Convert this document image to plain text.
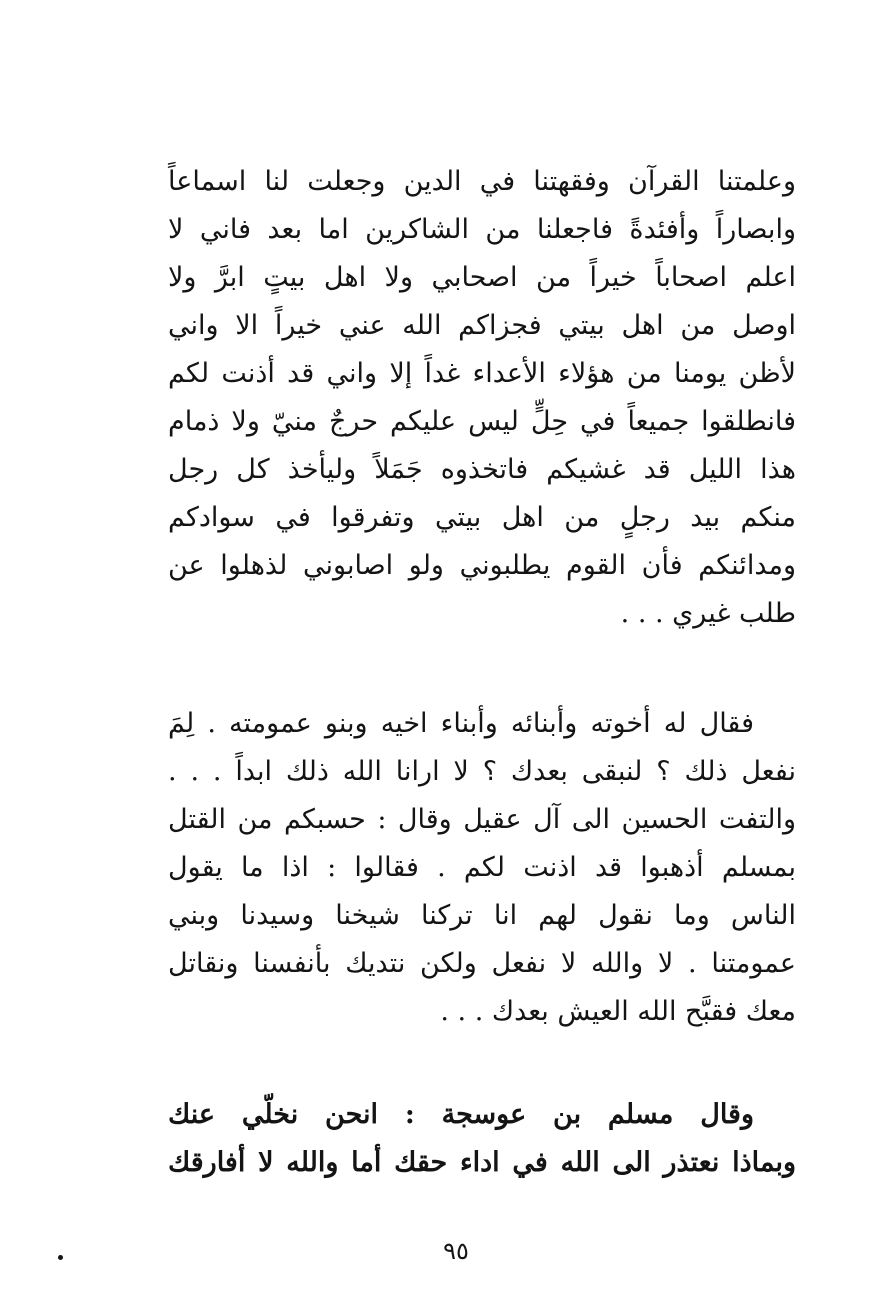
وعلمتنا القرآن وفقهتنا في الدين وجعلت لنا اسماعاً
وابصاراً وأفئدةً فاجعلنا من الشاكرين اما بعد فاني لا
اعلم اصحاباً خيراً من اصحابي ولا اهل بيتٍ ابرَّ ولا
اوصل من اهل بيتي فجزاكم الله عني خيراً الا واني
لأظن يومنا من هؤلاء الأعداء غداً إلا واني قد أذنت لكم
فانطلقوا جميعاً في حِلٍّ ليس عليكم حرجٌ منيّ ولا ذمام
هذا الليل قد غشيكم فاتخذوه جَمَلاً وليأخذ كل رجل
منكم بيد رجلٍ من اهل بيتي وتفرقوا في سوادكم
ومدائنكم فأن القوم يطلبوني ولو اصابوني لذهلوا عن
طلب غيري . . .
فقال له أخوته وأبنائه وأبناء اخيه وبنو عمومته . لِمَ
نفعل ذلك ؟ لنبقى بعدك ؟ لا ارانا الله ذلك ابداً . . .
والتفت الحسين الى آل عقيل وقال : حسبكم من القتل
بمسلم أذهبوا قد اذنت لكم . فقالوا : اذا ما يقول
الناس وما نقول لهم انا تركنا شيخنا وسيدنا وبني
عمومتنا . لا والله لا نفعل ولكن نتديك بأنفسنا ونقاتل
معك فقبَّح الله العيش بعدك . . .
وقال مسلم بن عوسجة : انحن نخلّي عنك
وبماذا نعتذر الى الله في اداء حقك أما والله لا أفارقك
٩٥
